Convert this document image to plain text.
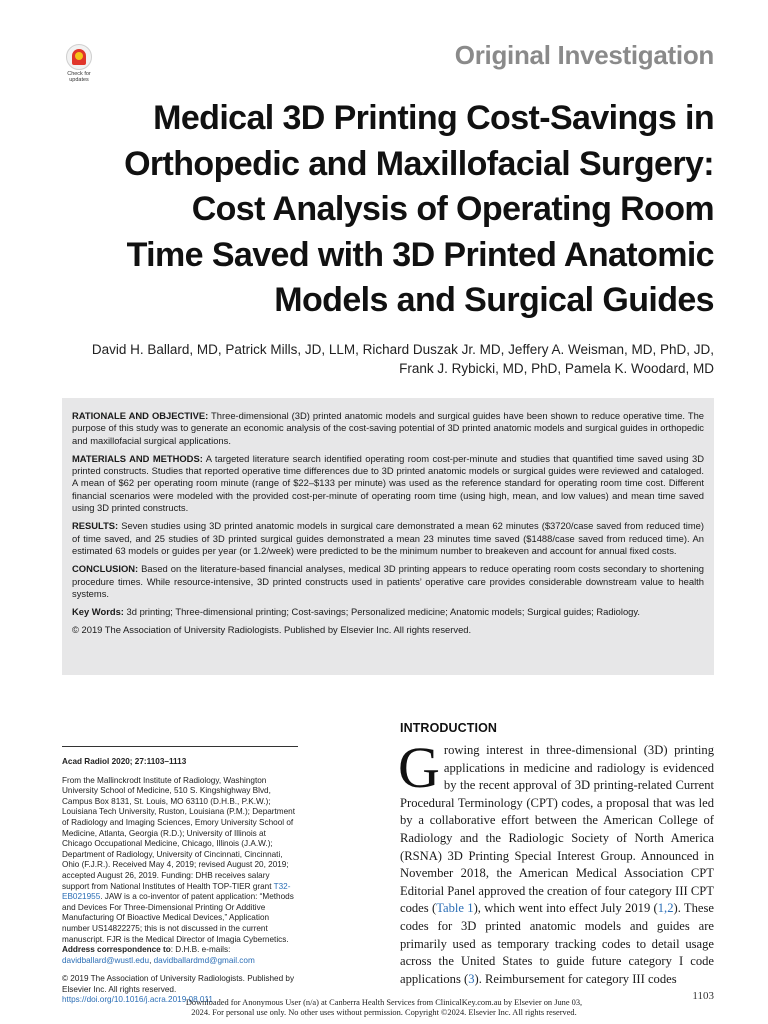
Check for updates
Original Investigation
Medical 3D Printing Cost-Savings in
Orthopedic and Maxillofacial Surgery:
Cost Analysis of Operating Room
Time Saved with 3D Printed Anatomic
Models and Surgical Guides
David H. Ballard, MD, Patrick Mills, JD, LLM, Richard Duszak Jr. MD, Jeffery A. Weisman, MD, PhD, JD,
Frank J. Rybicki, MD, PhD, Pamela K. Woodard, MD

RATIONALE AND OBJECTIVE: Three-dimensional (3D) printed anatomic models and surgical guides have been shown to reduce operative time. The purpose of this study was to generate an economic analysis of the cost-saving potential of 3D printed anatomic models and surgical guides in orthopedic and maxillofacial surgical applications.

MATERIALS AND METHODS: A targeted literature search identified operating room cost-per-minute and studies that quantified time saved using 3D printed constructs. Studies that reported operative time differences due to 3D printed anatomic models or surgical guides were reviewed and cataloged. A mean of $62 per operating room minute (range of $22–$133 per minute) was used as the reference standard for operating room time cost. Different financial scenarios were modeled with the provided cost-per-minute of operating room time (using high, mean, and low values) and mean time saved using 3D printed constructs.

RESULTS: Seven studies using 3D printed anatomic models in surgical care demonstrated a mean 62 minutes ($3720/case saved from reduced time) of time saved, and 25 studies of 3D printed surgical guides demonstrated a mean 23 minutes time saved ($1488/case saved from reduced time). An estimated 63 models or guides per year (or 1.2/week) were predicted to be the minimum number to breakeven and account for annual fixed costs.

CONCLUSION: Based on the literature-based financial analyses, medical 3D printing appears to reduce operating room costs secondary to shortening procedure times. While resource-intensive, 3D printed constructs used in patients’ operative care provides considerable downstream value to health systems.

Key Words: 3d printing; Three-dimensional printing; Cost-savings; Personalized medicine; Anatomic models; Surgical guides; Radiology.

© 2019 The Association of University Radiologists. Published by Elsevier Inc. All rights reserved.

Acad Radiol 2020; 27:1103–1113

From the Mallinckrodt Institute of Radiology, Washington University School of Medicine, 510 S. Kingshighway Blvd, Campus Box 8131, St. Louis, MO 63110 (D.H.B., P.K.W.); Louisiana Tech University, Ruston, Louisiana (P.M.); Department of Radiology and Imaging Sciences, Emory University School of Medicine, Atlanta, Georgia (R.D.); University of Illinois at Chicago Occupational Medicine, Chicago, Illinois (J.A.W.); Department of Radiology, University of Cincinnati, Cincinnati, Ohio (F.J.R.). Received May 4, 2019; revised August 20, 2019; accepted August 26, 2019. Funding: DHB receives salary support from National Institutes of Health TOP-TIER grant T32-EB021955. JAW is a co-inventor of patent application: “Methods and Devices For Three-Dimensional Printing Or Additive Manufacturing Of Bioactive Medical Devices,” Application number US14822275; this is not discussed in the current manuscript. FJR is the Medical Director of Imagia Cybernetics. Address correspondence to: D.H.B. e-mails: davidballard@wustl.edu, davidballardmd@gmail.com

© 2019 The Association of University Radiologists. Published by Elsevier Inc. All rights reserved.
https://doi.org/10.1016/j.acra.2019.08.011
INTRODUCTION
Growing interest in three-dimensional (3D) printing applications in medicine and radiology is evidenced by the recent approval of 3D printing-related Current Procedural Terminology (CPT) codes, a proposal that was led by a collaborative effort between the American College of Radiology and the Radiologic Society of North America (RSNA) 3D Printing Special Interest Group. Announced in November 2018, the American Medical Association CPT Editorial Panel approved the creation of four category III CPT codes (Table 1), which went into effect July 2019 (1,2). These codes for 3D printed anatomic models and guides are primarily used as temporary tracking codes to detail usage across the United States to guide future category I code applications (3). Reimbursement for category III codes
1103
Downloaded for Anonymous User (n/a) at Canberra Health Services from ClinicalKey.com.au by Elsevier on June 03,
2024. For personal use only. No other uses without permission. Copyright ©2024. Elsevier Inc. All rights reserved.
